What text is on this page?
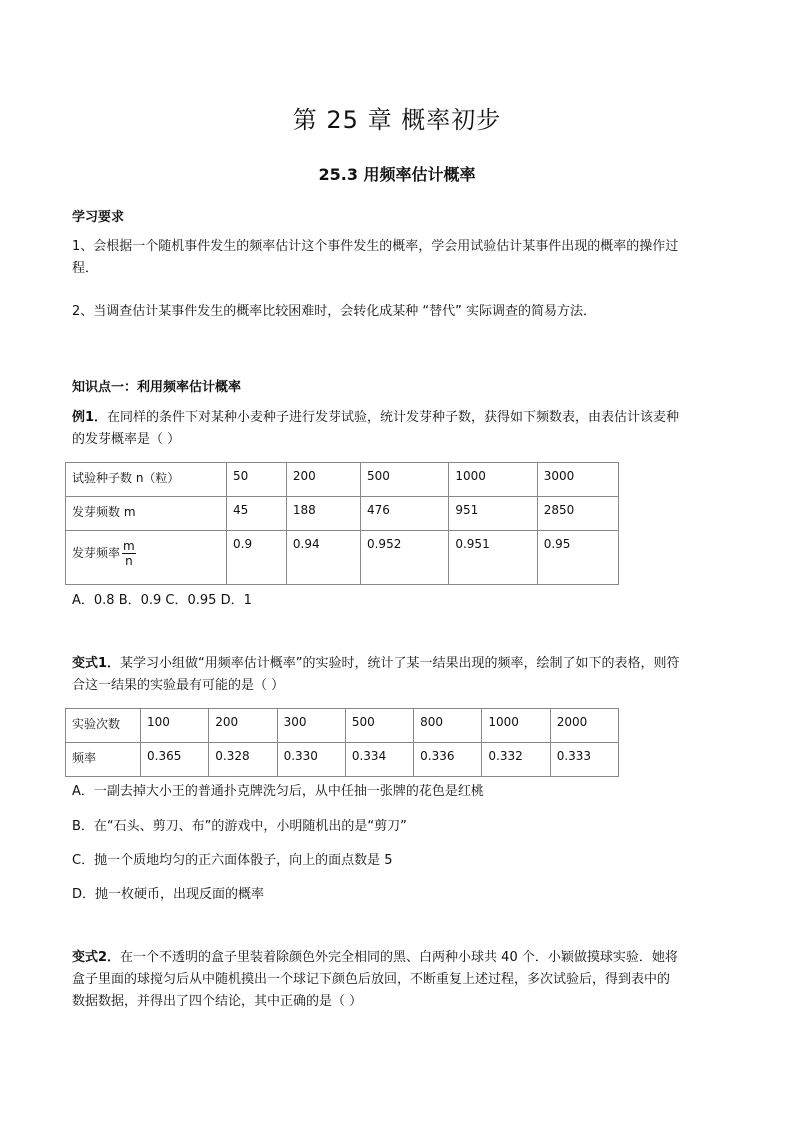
第 25 章 概率初步
25.3 用频率估计概率
学习要求
1、会根据一个随机事件发生的频率估计这个事件发生的概率，学会用试验估计某事件出现的概率的操作过
程．
2、当调查估计某事件发生的概率比较困难时，会转化成某种 “替代” 实际调查的简易方法．
知识点一：利用频率估计概率
例1．在同样的条件下对某种小麦种子进行发芽试验，统计发芽种子数，获得如下频数表，由表估计该麦种
的发芽概率是（ ）
试验种子数 n（粒）	50	200	500	1000	3000
发芽频数 m	45	188	476	951	2850
发芽频率 $\frac{m}{n}$	0.9	0.94	0.952	0.951	0.95
A．0.8 B．0.9 C．0.95 D．1
变式1．某学习小组做“用频率估计概率”的实验时，统计了某一结果出现的频率，绘制了如下的表格，则符
合这一结果的实验最有可能的是（ ）
实验次数	100	200	300	500	800	1000	2000
频率	0.365	0.328	0.330	0.334	0.336	0.332	0.333
A．一副去掉大小王的普通扑克牌洗匀后，从中任抽一张牌的花色是红桃
B．在“石头、剪刀、布”的游戏中，小明随机出的是“剪刀”
C．抛一个质地均匀的正六面体骰子，向上的面点数是 5
D．抛一枚硬币，出现反面的概率
变式2．在一个不透明的盒子里装着除颜色外完全相同的黑、白两种小球共 40 个．小颖做摸球实验．她将
盒子里面的球搅匀后从中随机摸出一个球记下颜色后放回，不断重复上述过程，多次试验后，得到表中的
数据数据，并得出了四个结论，其中正确的是（ ）
